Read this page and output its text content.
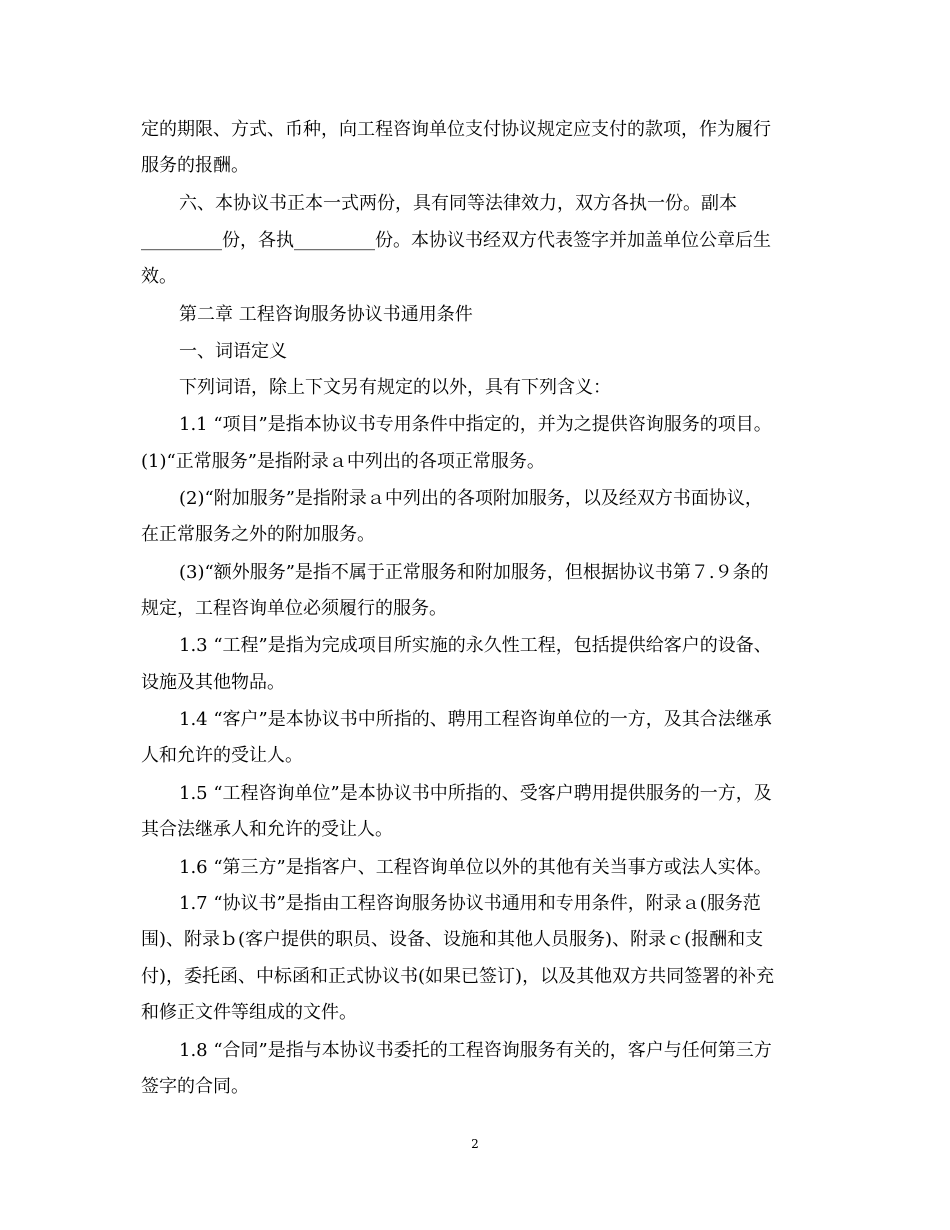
定的期限、方式、币种，向工程咨询单位支付协议规定应支付的款项，作为履行
服务的报酬。
六、本协议书正本一式两份，具有同等法律效力，双方各执一份。副本
_________份，各执_________份。本协议书经双方代表签字并加盖单位公章后生
效。
第二章 工程咨询服务协议书通用条件
一、词语定义
下列词语，除上下文另有规定的以外，具有下列含义：
1.1 “项目”是指本协议书专用条件中指定的，并为之提供咨询服务的项目。
(1)“正常服务”是指附录ａ中列出的各项正常服务。
(2)“附加服务”是指附录ａ中列出的各项附加服务，以及经双方书面协议，
在正常服务之外的附加服务。
(3)“额外服务”是指不属于正常服务和附加服务，但根据协议书第７.９条的
规定，工程咨询单位必须履行的服务。
1.3 “工程”是指为完成项目所实施的永久性工程，包括提供给客户的设备、
设施及其他物品。
1.4 “客户”是本协议书中所指的、聘用工程咨询单位的一方，及其合法继承
人和允许的受让人。
1.5 “工程咨询单位”是本协议书中所指的、受客户聘用提供服务的一方，及
其合法继承人和允许的受让人。
1.6 “第三方”是指客户、工程咨询单位以外的其他有关当事方或法人实体。
1.7 “协议书”是指由工程咨询服务协议书通用和专用条件，附录ａ(服务范
围)、附录ｂ(客户提供的职员、设备、设施和其他人员服务)、附录ｃ(报酬和支
付)，委托函、中标函和正式协议书(如果已签订)，以及其他双方共同签署的补充
和修正文件等组成的文件。
1.8 “合同”是指与本协议书委托的工程咨询服务有关的，客户与任何第三方
签字的合同。
2
